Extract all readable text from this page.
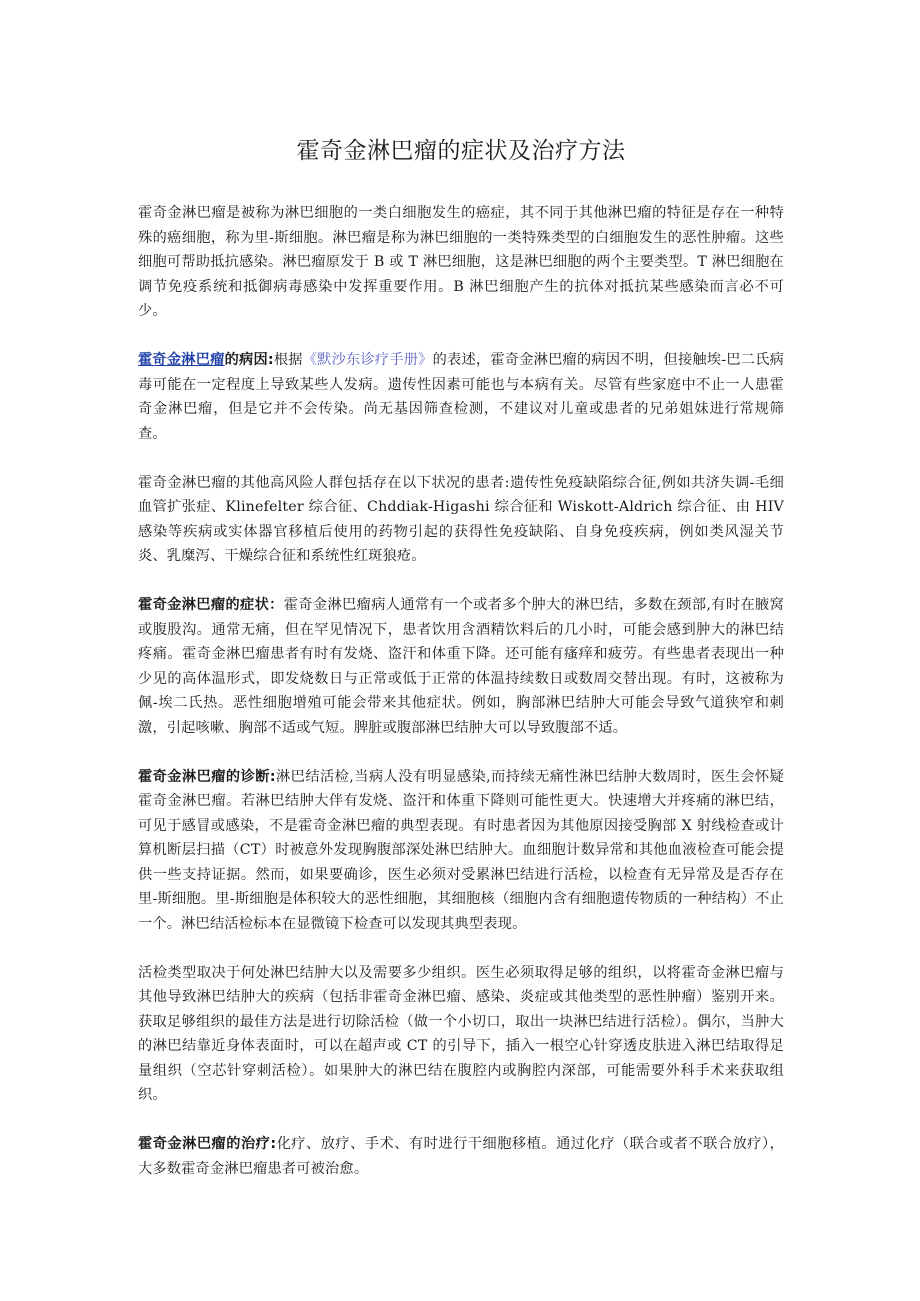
霍奇金淋巴瘤的症状及治疗方法

霍奇金淋巴瘤是被称为淋巴细胞的一类白细胞发生的癌症，其不同于其他淋巴瘤的特征是存在一种特殊的癌细胞，称为里-斯细胞。淋巴瘤是称为淋巴细胞的一类特殊类型的白细胞发生的恶性肿瘤。这些细胞可帮助抵抗感染。淋巴瘤原发于 B 或 T 淋巴细胞，这是淋巴细胞的两个主要类型。T 淋巴细胞在调节免疫系统和抵御病毒感染中发挥重要作用。B 淋巴细胞产生的抗体对抵抗某些感染而言必不可少。

霍奇金淋巴瘤的病因:根据《默沙东诊疗手册》的表述，霍奇金淋巴瘤的病因不明，但接触埃-巴二氏病毒可能在一定程度上导致某些人发病。遗传性因素可能也与本病有关。尽管有些家庭中不止一人患霍奇金淋巴瘤，但是它并不会传染。尚无基因筛查检测，不建议对儿童或患者的兄弟姐妹进行常规筛查。

霍奇金淋巴瘤的其他高风险人群包括存在以下状况的患者:遗传性免疫缺陷综合征,例如共济失调-毛细血管扩张症、Klinefelter 综合征、Chddiak-Higashi 综合征和 Wiskott-Aldrich 综合征、由 HIV 感染等疾病或实体器官移植后使用的药物引起的获得性免疫缺陷、自身免疫疾病，例如类风湿关节炎、乳糜泻、干燥综合征和系统性红斑狼疮。

霍奇金淋巴瘤的症状：霍奇金淋巴瘤病人通常有一个或者多个肿大的淋巴结，多数在颈部,有时在腋窝或腹股沟。通常无痛，但在罕见情况下，患者饮用含酒精饮料后的几小时，可能会感到肿大的淋巴结疼痛。霍奇金淋巴瘤患者有时有发烧、盗汗和体重下降。还可能有瘙痒和疲劳。有些患者表现出一种少见的高体温形式，即发烧数日与正常或低于正常的体温持续数日或数周交替出现。有时，这被称为佩-埃二氏热。恶性细胞增殖可能会带来其他症状。例如，胸部淋巴结肿大可能会导致气道狭窄和刺激，引起咳嗽、胸部不适或气短。脾脏或腹部淋巴结肿大可以导致腹部不适。

霍奇金淋巴瘤的诊断:淋巴结活检,当病人没有明显感染,而持续无痛性淋巴结肿大数周时，医生会怀疑霍奇金淋巴瘤。若淋巴结肿大伴有发烧、盗汗和体重下降则可能性更大。快速增大并疼痛的淋巴结，可见于感冒或感染，不是霍奇金淋巴瘤的典型表现。有时患者因为其他原因接受胸部 X 射线检查或计算机断层扫描（CT）时被意外发现胸腹部深处淋巴结肿大。血细胞计数异常和其他血液检查可能会提供一些支持证据。然而，如果要确诊，医生必须对受累淋巴结进行活检，以检查有无异常及是否存在里-斯细胞。里-斯细胞是体积较大的恶性细胞，其细胞核（细胞内含有细胞遗传物质的一种结构）不止一个。淋巴结活检标本在显微镜下检查可以发现其典型表现。

活检类型取决于何处淋巴结肿大以及需要多少组织。医生必须取得足够的组织，以将霍奇金淋巴瘤与其他导致淋巴结肿大的疾病（包括非霍奇金淋巴瘤、感染、炎症或其他类型的恶性肿瘤）鉴别开来。获取足够组织的最佳方法是进行切除活检（做一个小切口，取出一块淋巴结进行活检）。偶尔，当肿大的淋巴结靠近身体表面时，可以在超声或 CT 的引导下，插入一根空心针穿透皮肤进入淋巴结取得足量组织（空芯针穿刺活检）。如果肿大的淋巴结在腹腔内或胸腔内深部，可能需要外科手术来获取组织。

霍奇金淋巴瘤的治疗:化疗、放疗、手术、有时进行干细胞移植。通过化疗（联合或者不联合放疗），大多数霍奇金淋巴瘤患者可被治愈。
